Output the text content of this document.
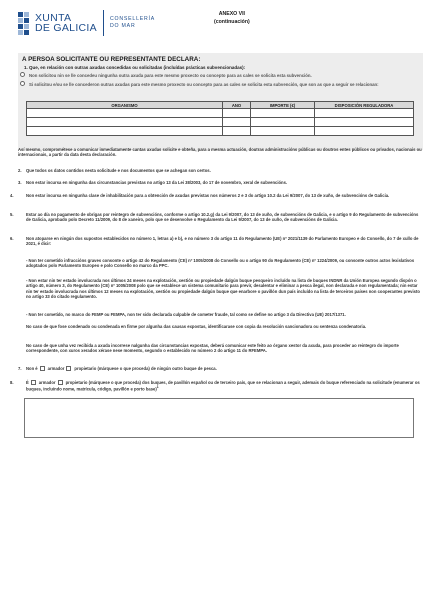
XUNTA
DE GALICIA
CONSELLERÍA
DO MAR
ANEXO VII
(continuación)
A PERSOA SOLICITANTE OU REPRESENTANTE DECLARA:
1. Que, en relación con outras axudas concedidas ou solicitadas (incluídas prácticas subvencionadas):
Non solicitou nin se lle concedeu ningunha outra axuda para este mesmo proxecto ou concepto para as cales se solicita esta subvención.
Si solicitou e/ou se lle concederon outras axudas para este mesmo proxecto ou concepto para as cales se solicita esta subvención, que son as que a seguir se relacionan:
ORGANISMO	ANO	IMPORTE (€)	DISPOSICIÓN REGULADORA

Así mesmo, comprométese a comunicar inmediatamente cantas axudas solicite e obteña, para a mesma actuación, doutras administracións públicas ou doutros entes públicos ou privados, nacionais ou internacionais, a partir da data desta declaración.
2. Que todos os datos contidos nesta solicitude e nos documentos que se achegan son certos.
3. Non estar incursa en ningunha das circunstancias previstas no artigo 13 da Lei 38/2003, do 17 de novembro, xeral de subvencións.
4.	Non estar incursa en ningunha clase de inhabilitación para a obtención de axudas previstas nos números 2 e 3 do artigo 10.2 da Lei 9/2007, do 13 de xuño, de subvencións de Galicia.
5.	Estar ao día no pagamento de obrigas por reintegro de subvencións, conforme o artigo 10.2.g) da Lei 9/2007, do 13 de xuño, de subvencións de Galicia, e o artigo 9 do Regulamento de subvencións de Galicia, aprobado polo Decreto 11/2009, do 8 de xaneiro, polo que se desenvolve o Regulamento da Lei 9/2007, do 13 de xuño, de subvencións de Galicia.
6.	Non atoparse en ningún dos supostos establecidos no número 1, letras a) e b), e no número 3 do artigo 11 do Regulamento (UE) nº 2021/1139 do Parlamento Europeo e do Consello, do 7 de xullo de 2021, é dicir:
- Non ter cometido infraccións graves consonte o artigo 42 do Regulamento (CE) nº 1005/2008 do Consello ou o artigo 90 do Regulamento (CE) nº 1224/2009, ou consonte outros actos lexislativos adoptados polo Parlamento Europeo e polo Consello no marco da PPC.
- Non estar nin ter estado involucrada nos últimos 24 meses na explotación, xestión ou propiedade dalgún buque pesqueiro incluído na lista de buques INDNR da Unión Europea segundo dispón o artigo 40, número 3, do Regulamento (CE) nº 1005/2008 polo que se establece un sistema comunitario para previr, desalentar e eliminar a pesca ilegal, non declarada e non regulamentada; nin estar nin ter estado involucrada nos últimos 12 meses na explotación, xestión ou propiedade dalgún buque que enarbore o pavillón dun país incluído na lista de terceiros países non cooperantes previsto no artigo 33 do citado regulamento.
- Non ter cometido, no marco do FEMP ou FEMPA, non ter sido declarada culpable de cometer fraude, tal como se define no artigo 3 da Directiva (UE) 2017/1371.
No caso de que fose condenado ou condenada en firme por algunha das causas expostas, identificarase con copia da resolución sancionadora ou sentenza condenatoria.
No caso de que unha vez recibida a axuda incorrese nalgunha das circunstancias expostas, deberá comunicar este feito ao órgano xestor da axuda, para proceder ao reintegro do importe correspondente, con xuros xerados xérase nese momento, segundo o establecido no número 2 do artigo 11 do RFEMPA.
7. Non é armador propietario (márquese o que proceda) de ningún outro buque de pesca.
8.	É armador propietario (márquese o que proceda) dos buques, de pavillón español ou de terceiro país, que se relacionan a seguir, ademais do buque referenciado na solicitude (enumerar os buques, incluíndo nome, matrícula, código, pavillón e porto base)$^1$
